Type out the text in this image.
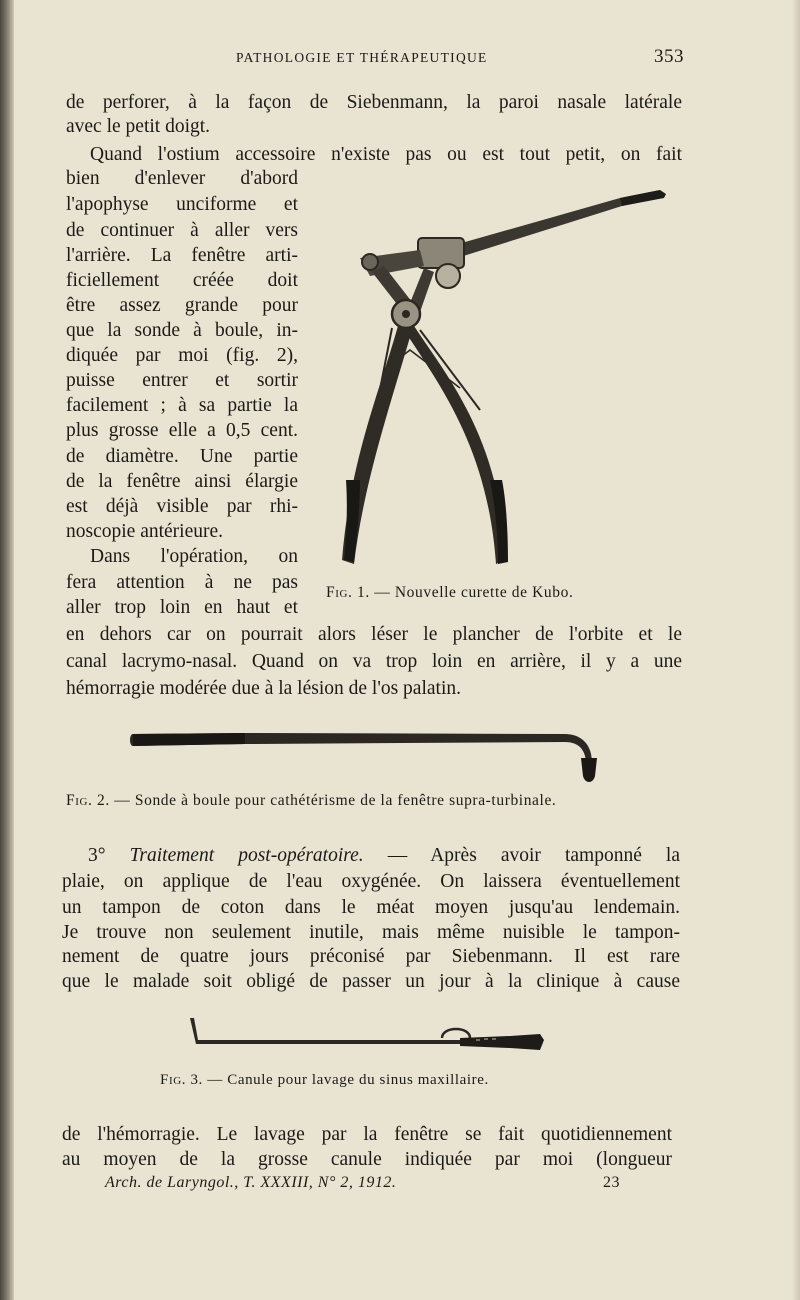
PATHOLOGIE ET THÉRAPEUTIQUE	353
de perforer, à la façon de Siebenmann, la paroi nasale latérale
avec le petit doigt.
Quand l'ostium accessoire n'existe pas ou est tout petit, on fait
bien d'enlever d'abord
l'apophyse unciforme et
de continuer à aller vers
l'arrière. La fenêtre arti-
ficiellement créée doit
être assez grande pour
que la sonde à boule, in-
diquée par moi (fig. 2),
puisse entrer et sortir
facilement ; à sa partie la
plus grosse elle a 0,5 cent.
de diamètre. Une partie
de la fenêtre ainsi élargie
est déjà visible par rhi-
noscopie antérieure.
Dans l'opération, on
fera attention à ne pas
aller trop loin en haut et
en dehors car on pourrait alors léser le plancher de l'orbite et le
canal lacrymo-nasal. Quand on va trop loin en arrière, il y a une
hémorragie modérée due à la lésion de l'os palatin.
Fig. 1. — Nouvelle curette de Kubo.
Fig. 2. — Sonde à boule pour cathétérisme de la fenêtre supra-turbinale.
3° Traitement post-opératoire. — Après avoir tamponné la
plaie, on applique de l'eau oxygénée. On laissera éventuellement
un tampon de coton dans le méat moyen jusqu'au lendemain.
Je trouve non seulement inutile, mais même nuisible le tampon-
nement de quatre jours préconisé par Siebenmann. Il est rare
que le malade soit obligé de passer un jour à la clinique à cause
Fig. 3. — Canule pour lavage du sinus maxillaire.
de l'hémorragie. Le lavage par la fenêtre se fait quotidiennement
au moyen de la grosse canule indiquée par moi (longueur
Arch. de Laryngol., T. XXXIII, N° 2, 1912.	23
